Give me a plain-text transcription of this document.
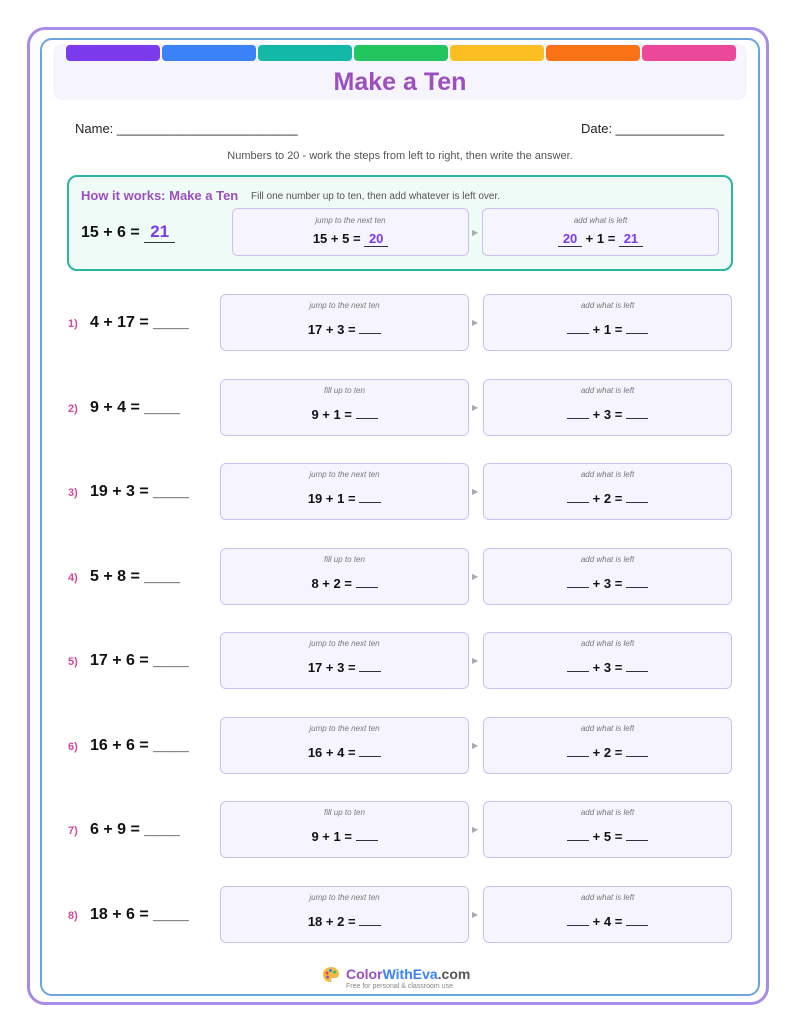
Make a Ten
Name: _________________________	Date: _______________
Numbers to 20 - work the steps from left to right, then write the answer.
How it works: Make a Ten Fill one number up to ten, then add whatever is left over.
15 + 6 = 21
jump to the next ten
15 + 5 = 20	▶
add what is left
20 + 1 = 21
1) 4 + 17 = ____
jump to the next ten
17 + 3 =	▶
add what is left
+ 1 =
2) 9 + 4 = ____
fill up to ten
9 + 1 =	▶
add what is left
+ 3 =
3) 19 + 3 = ____
jump to the next ten
19 + 1 =	▶
add what is left
+ 2 =
4) 5 + 8 = ____
fill up to ten
8 + 2 =	▶
add what is left
+ 3 =
5) 17 + 6 = ____
jump to the next ten
17 + 3 =	▶
add what is left
+ 3 =
6) 16 + 6 = ____
jump to the next ten
16 + 4 =	▶
add what is left
+ 2 =
7) 6 + 9 = ____
fill up to ten
9 + 1 =	▶
add what is left
+ 5 =
8) 18 + 6 = ____
jump to the next ten
18 + 2 =	▶
add what is left
+ 4 =
ColorWithEva.com
Free for personal & classroom use
